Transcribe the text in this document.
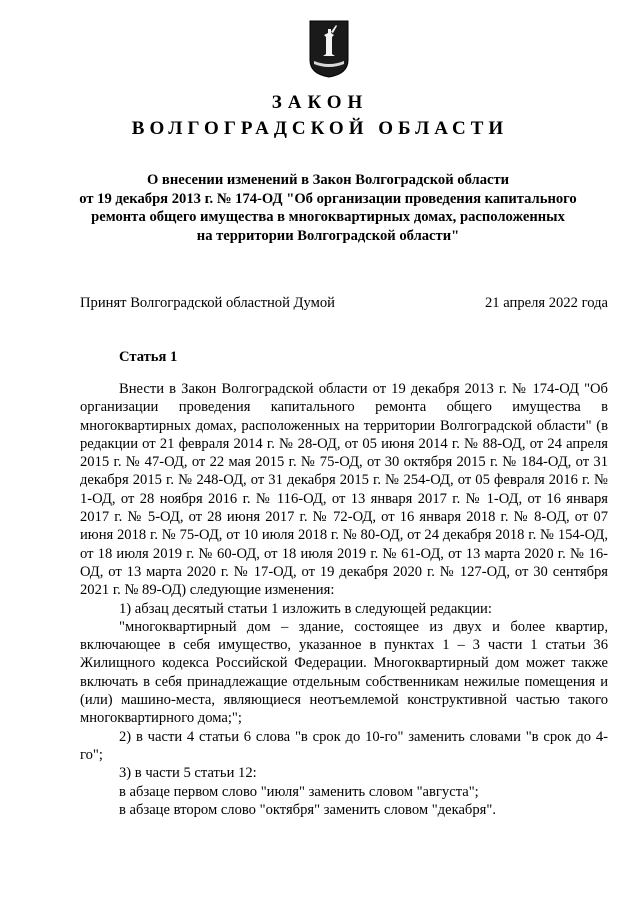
ЗАКОН
ВОЛГОГРАДСКОЙ ОБЛАСТИ
О внесении изменений в Закон Волгоградской области
от 19 декабря 2013 г. № 174-ОД "Об организации проведения капитального
ремонта общего имущества в многоквартирных домах, расположенных
на территории Волгоградской области"
Принят Волгоградской областной Думой	21 апреля 2022 года
Статья 1

Внести в Закон Волгоградской области от 19 декабря 2013 г. № 174-ОД "Об организации проведения капитального ремонта общего имущества в многоквартирных домах, расположенных на территории Волгоградской области" (в редакции от 21 февраля 2014 г. № 28-ОД, от 05 июня 2014 г. № 88-ОД, от 24 апреля 2015 г. № 47-ОД, от 22 мая 2015 г. № 75-ОД, от 30 октября 2015 г. № 184-ОД, от 31 декабря 2015 г. № 248-ОД, от 31 декабря 2015 г. № 254-ОД, от 05 февраля 2016 г. № 1-ОД, от 28 ноября 2016 г. № 116-ОД, от 13 января 2017 г. № 1-ОД, от 16 января 2017 г. № 5-ОД, от 28 июня 2017 г. № 72-ОД, от 16 января 2018 г. № 8-ОД, от 07 июня 2018 г. № 75-ОД, от 10 июля 2018 г. № 80-ОД, от 24 декабря 2018 г. № 154-ОД, от 18 июля 2019 г. № 60-ОД, от 18 июля 2019 г. № 61-ОД, от 13 марта 2020 г. № 16-ОД, от 13 марта 2020 г. № 17-ОД, от 19 декабря 2020 г. № 127-ОД, от 30 сентября 2021 г. № 89-ОД) следующие изменения:

1) абзац десятый статьи 1 изложить в следующей редакции:

"многоквартирный дом – здание, состоящее из двух и более квартир, включающее в себя имущество, указанное в пунктах 1 – 3 части 1 статьи 36 Жилищного кодекса Российской Федерации. Многоквартирный дом может также включать в себя принадлежащие отдельным собственникам нежилые помещения и (или) машино-места, являющиеся неотъемлемой конструктивной частью такого многоквартирного дома;";

2) в части 4 статьи 6 слова "в срок до 10-го" заменить словами "в срок до 4-го";

3) в части 5 статьи 12:

в абзаце первом слово "июля" заменить словом "августа";

в абзаце втором слово "октября" заменить словом "декабря".
